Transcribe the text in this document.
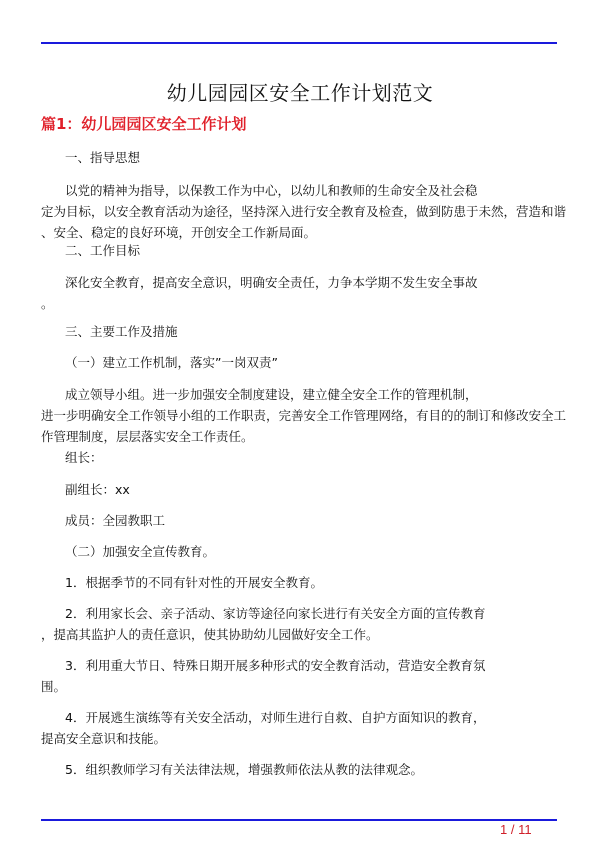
幼儿园园区安全工作计划范文
篇1：幼儿园园区安全工作计划
一、指导思想
以党的精神为指导，以保教工作为中心，以幼儿和教师的生命安全及社会稳
定为目标，以安全教育活动为途径，坚持深入进行安全教育及检查，做到防患于未然，营造和谐
、安全、稳定的良好环境，开创安全工作新局面。
二、工作目标
深化安全教育，提高安全意识，明确安全责任，力争本学期不发生安全事故
。
三、主要工作及措施
（一）建立工作机制，落实”一岗双责”
成立领导小组。进一步加强安全制度建设，建立健全安全工作的管理机制，
进一步明确安全工作领导小组的工作职责，完善安全工作管理网络，有目的的制订和修改安全工
作管理制度，层层落实安全工作责任。
组长：
副组长：xx
成员：全园教职工
（二）加强安全宣传教育。
1．根据季节的不同有针对性的开展安全教育。
2．利用家长会、亲子活动、家访等途径向家长进行有关安全方面的宣传教育
，提高其监护人的责任意识，使其协助幼儿园做好安全工作。
3．利用重大节日、特殊日期开展多种形式的安全教育活动，营造安全教育氛
围。
4．开展逃生演练等有关安全活动，对师生进行自救、自护方面知识的教育，
提高安全意识和技能。
5．组织教师学习有关法律法规，增强教师依法从教的法律观念。
1 / 11
